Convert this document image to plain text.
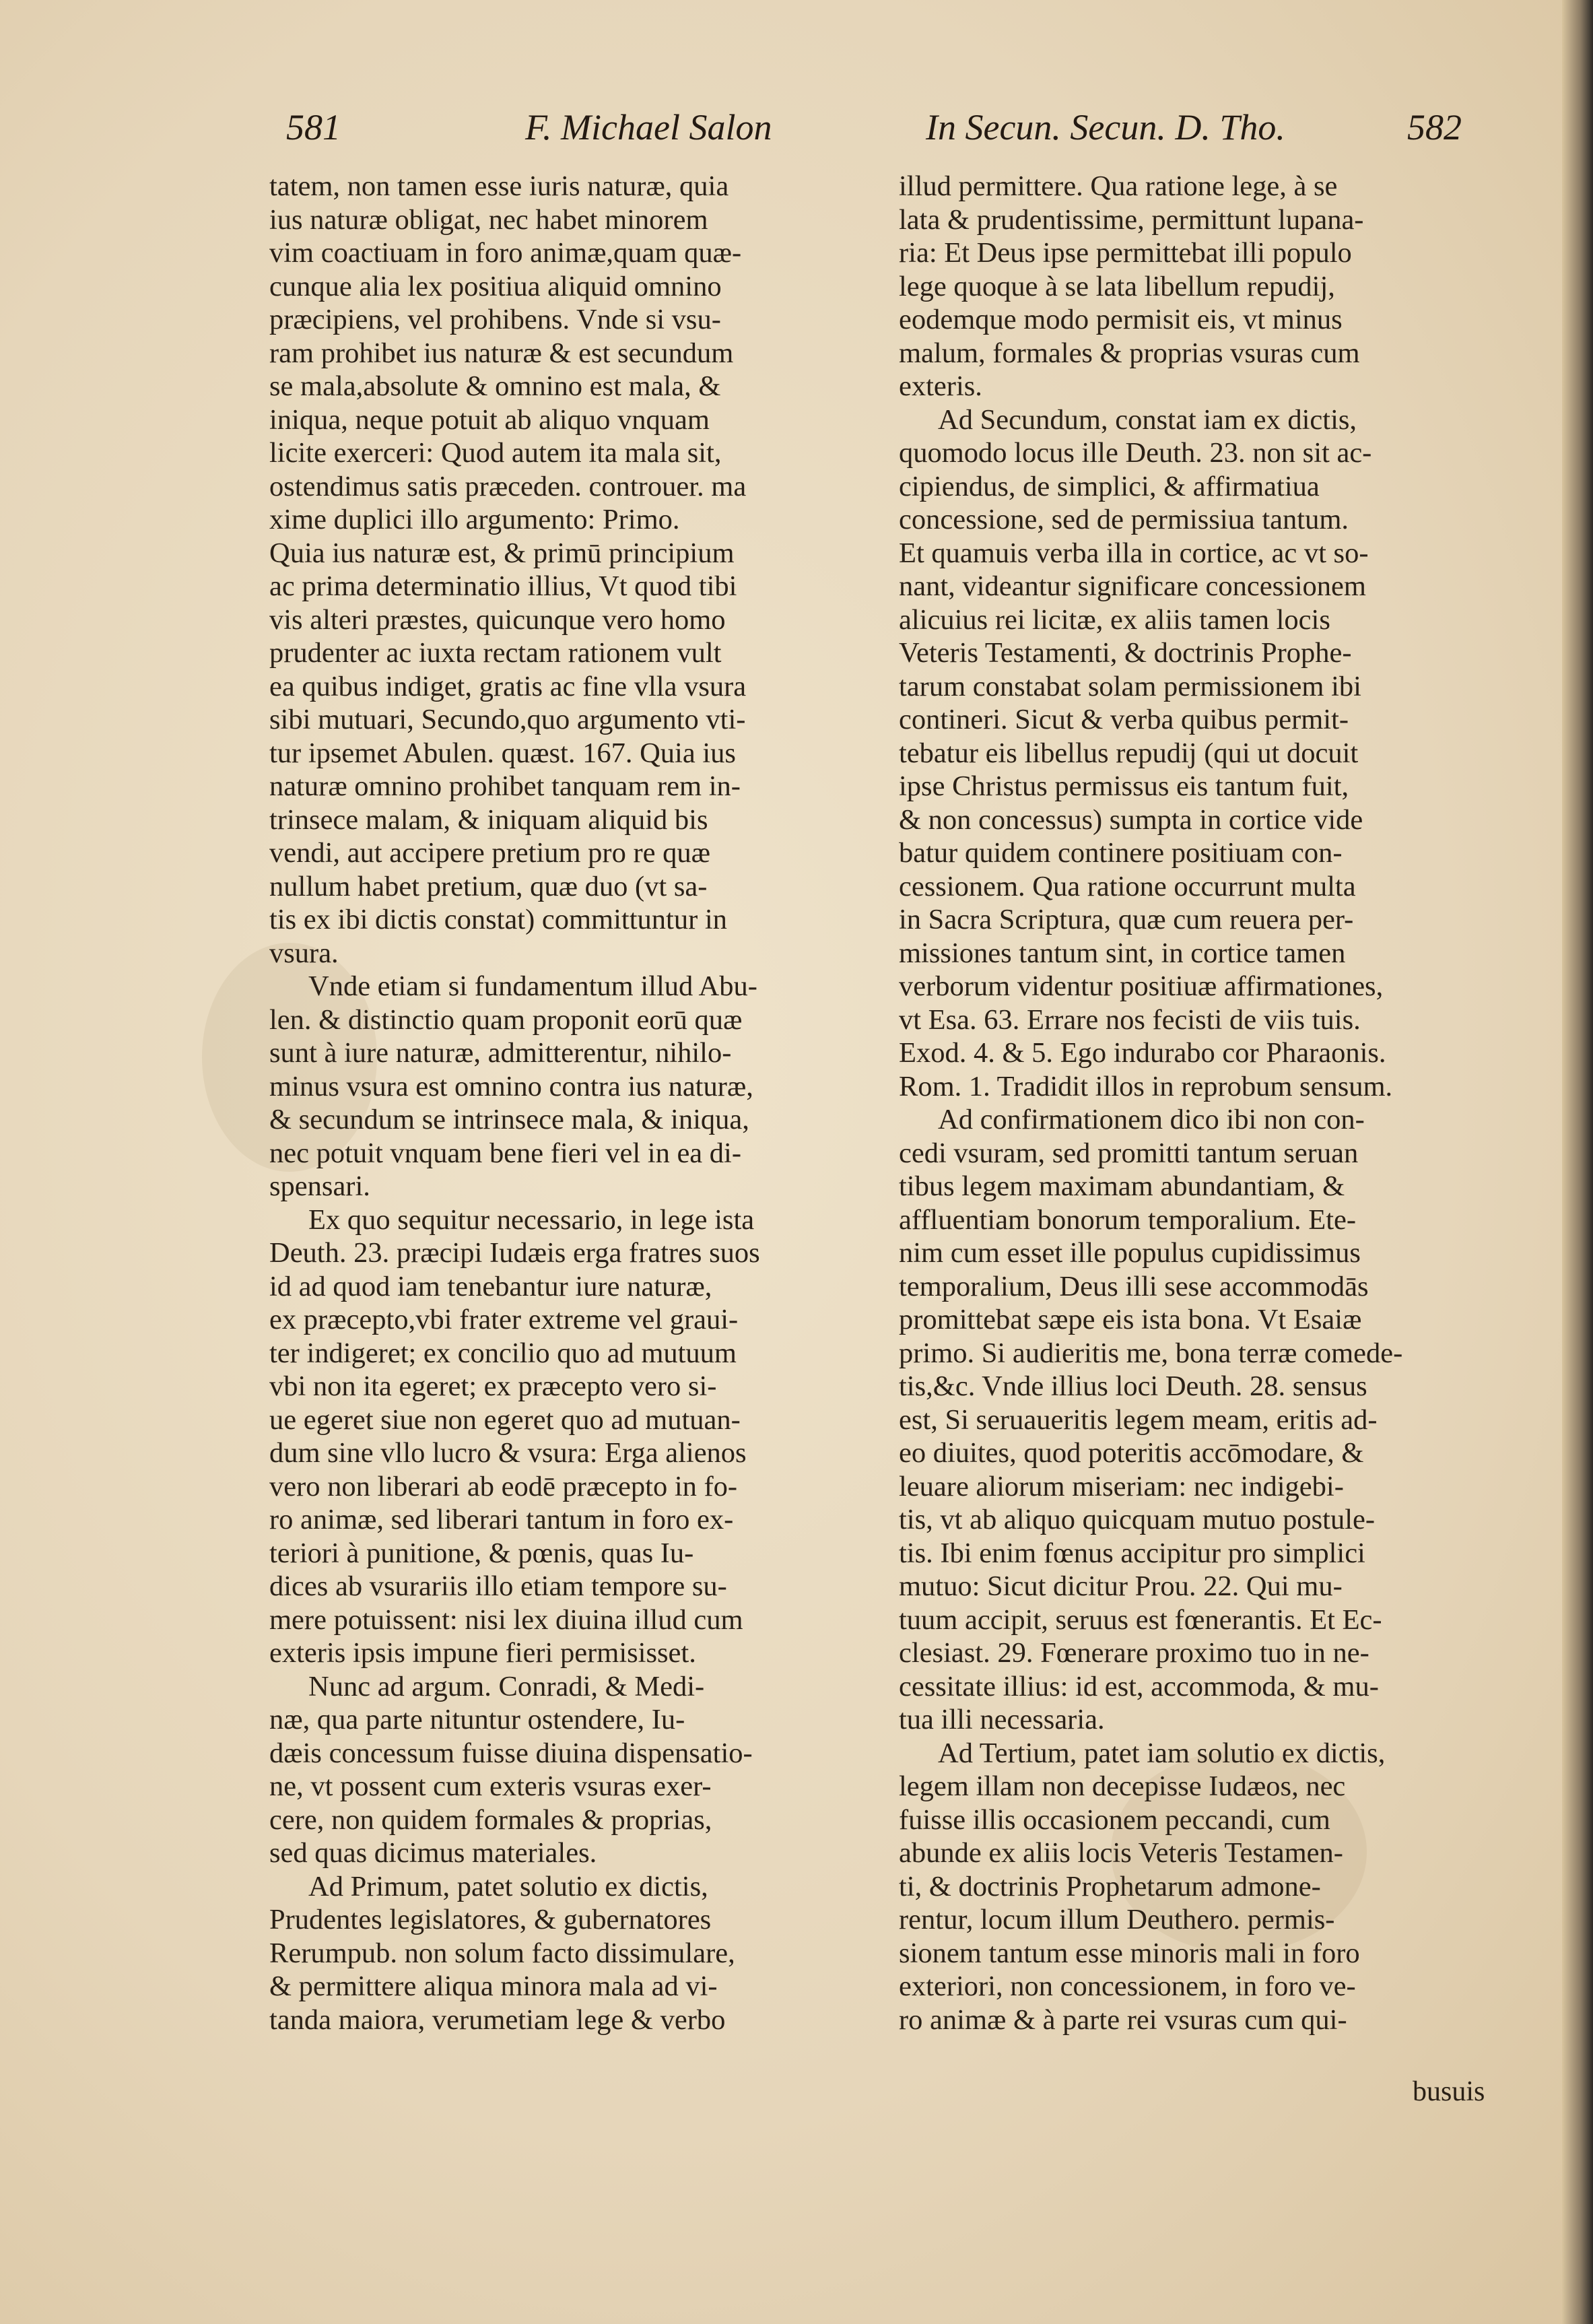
581	F. Michael Salon	In Secun. Secun. D. Tho.	582
tatem, non tamen esse iuris naturæ, quia
ius naturæ obligat, nec habet minorem
vim coactiuam in foro animæ,quam quæ-
cunque alia lex positiua aliquid omnino
præcipiens, vel prohibens. Vnde si vsu-
ram prohibet ius naturæ & est secundum
se mala,absolute & omnino est mala, &
iniqua, neque potuit ab aliquo vnquam
licite exerceri: Quod autem ita mala sit,
ostendimus satis præceden. controuer. ma
xime duplici illo argumento: Primo.
Quia ius naturæ est, & primū principium
ac prima determinatio illius, Vt quod tibi
vis alteri præstes, quicunque vero homo
prudenter ac iuxta rectam rationem vult
ea quibus indiget, gratis ac fine vlla vsura
sibi mutuari, Secundo,quo argumento vti-
tur ipsemet Abulen. quæst. 167. Quia ius
naturæ omnino prohibet tanquam rem in-
trinsece malam, & iniquam aliquid bis
vendi, aut accipere pretium pro re quæ
nullum habet pretium, quæ duo (vt sa-
tis ex ibi dictis constat) committuntur in
vsura.
Vnde etiam si fundamentum illud Abu-
len. & distinctio quam proponit eorū quæ
sunt à iure naturæ, admitterentur, nihilo-
minus vsura est omnino contra ius naturæ,
& secundum se intrinsece mala, & iniqua,
nec potuit vnquam bene fieri vel in ea di-
spensari.
Ex quo sequitur necessario, in lege ista
Deuth. 23. præcipi Iudæis erga fratres suos
id ad quod iam tenebantur iure naturæ,
ex præcepto,vbi frater extreme vel graui-
ter indigeret; ex concilio quo ad mutuum
vbi non ita egeret; ex præcepto vero si-
ue egeret siue non egeret quo ad mutuan-
dum sine vllo lucro & vsura: Erga alienos
vero non liberari ab eodē præcepto in fo-
ro animæ, sed liberari tantum in foro ex-
teriori à punitione, & pœnis, quas Iu-
dices ab vsurariis illo etiam tempore su-
mere potuissent: nisi lex diuina illud cum
exteris ipsis impune fieri permisisset.
Nunc ad argum. Conradi, & Medi-
næ, qua parte nituntur ostendere, Iu-
dæis concessum fuisse diuina dispensatio-
ne, vt possent cum exteris vsuras exer-
cere, non quidem formales & proprias,
sed quas dicimus materiales.
Ad Primum, patet solutio ex dictis,
Prudentes legislatores, & gubernatores
Rerumpub. non solum facto dissimulare,
& permittere aliqua minora mala ad vi-
tanda maiora, verumetiam lege & verbo
illud permittere. Qua ratione lege, à se
lata & prudentissime, permittunt lupana-
ria: Et Deus ipse permittebat illi populo
lege quoque à se lata libellum repudij,
eodemque modo permisit eis, vt minus
malum, formales & proprias vsuras cum
exteris.
Ad Secundum, constat iam ex dictis,
quomodo locus ille Deuth. 23. non sit ac-
cipiendus, de simplici, & affirmatiua
concessione, sed de permissiua tantum.
Et quamuis verba illa in cortice, ac vt so-
nant, videantur significare concessionem
alicuius rei licitæ, ex aliis tamen locis
Veteris Testamenti, & doctrinis Prophe-
tarum constabat solam permissionem ibi
contineri. Sicut & verba quibus permit-
tebatur eis libellus repudij (qui ut docuit
ipse Christus permissus eis tantum fuit,
& non concessus) sumpta in cortice vide
batur quidem continere positiuam con-
cessionem. Qua ratione occurrunt multa
in Sacra Scriptura, quæ cum reuera per-
missiones tantum sint, in cortice tamen
verborum videntur positiuæ affirmationes,
vt Esa. 63. Errare nos fecisti de viis tuis.
Exod. 4. & 5. Ego indurabo cor Pharaonis.
Rom. 1. Tradidit illos in reprobum sensum.
Ad confirmationem dico ibi non con-
cedi vsuram, sed promitti tantum seruan
tibus legem maximam abundantiam, &
affluentiam bonorum temporalium. Ete-
nim cum esset ille populus cupidissimus
temporalium, Deus illi sese accommodās
promittebat sæpe eis ista bona. Vt Esaiæ
primo. Si audieritis me, bona terræ comede-
tis,&c. Vnde illius loci Deuth. 28. sensus
est, Si seruaueritis legem meam, eritis ad-
eo diuites, quod poteritis accōmodare, &
leuare aliorum miseriam: nec indigebi-
tis, vt ab aliquo quicquam mutuo postule-
tis. Ibi enim fœnus accipitur pro simplici
mutuo: Sicut dicitur Prou. 22. Qui mu-
tuum accipit, seruus est fœnerantis. Et Ec-
clesiast. 29. Fœnerare proximo tuo in ne-
cessitate illius: id est, accommoda, & mu-
tua illi necessaria.
Ad Tertium, patet iam solutio ex dictis,
legem illam non decepisse Iudæos, nec
fuisse illis occasionem peccandi, cum
abunde ex aliis locis Veteris Testamen-
ti, & doctrinis Prophetarum admone-
rentur, locum illum Deuthero. permis-
sionem tantum esse minoris mali in foro
exteriori, non concessionem, in foro ve-
ro animæ & à parte rei vsuras cum qui-
busuis
